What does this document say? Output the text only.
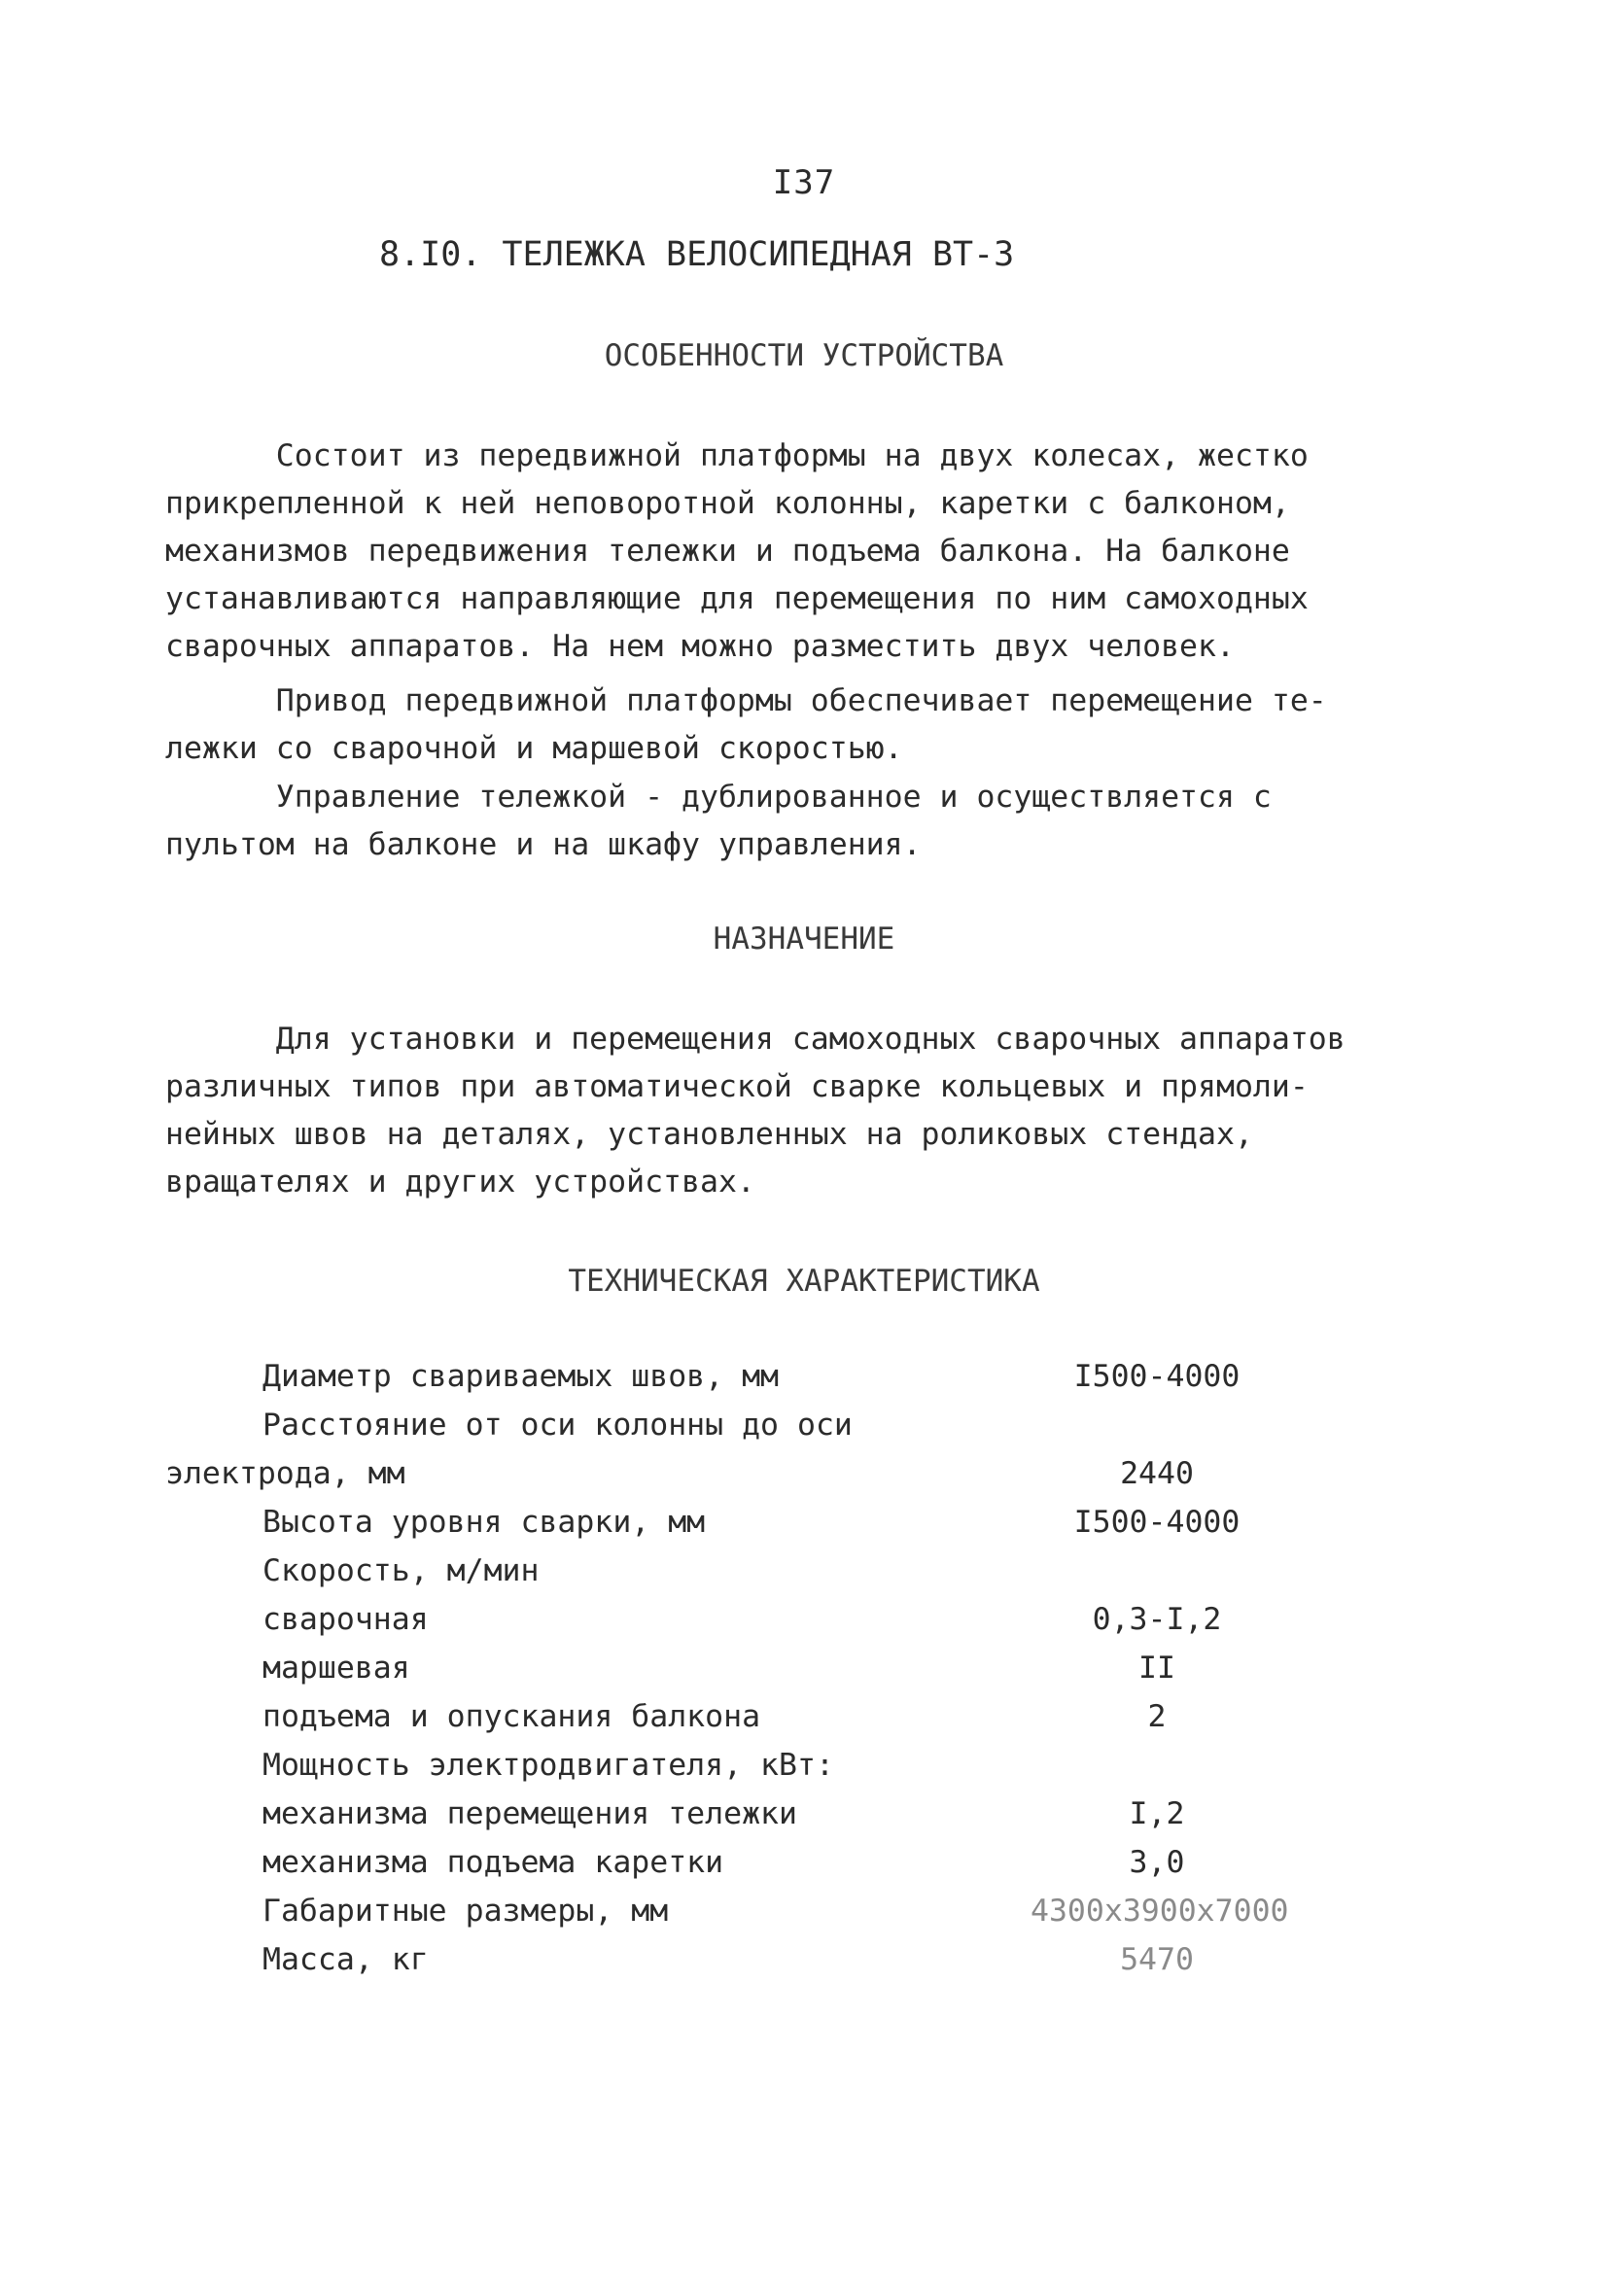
I37
8.I0. ТЕЛЕЖКА ВЕЛОСИПЕДНАЯ ВТ-3
ОСОБЕННОСТИ УСТРОЙСТВА
Состоит из передвижной платформы на двух колесах, жестко
прикрепленной к ней неповоротной колонны, каретки с балконом,
механизмов передвижения тележки и подъема балкона. На балконе
устанавливаются направляющие для перемещения по ним самоходных
сварочных аппаратов. На нем можно разместить двух человек.
Привод передвижной платформы обеспечивает перемещение те-
лежки со сварочной и маршевой скоростью.
Управление тележкой - дублированное и осуществляется с
пультом на балконе и на шкафу управления.
НАЗНАЧЕНИЕ
Для установки и перемещения самоходных сварочных аппаратов
различных типов при автоматической сварке кольцевых и прямоли-
нейных швов на деталях, установленных на роликовых стендах,
вращателях и других устройствах.
ТЕХНИЧЕСКАЯ ХАРАКТЕРИСТИКА
Диаметр свариваемых швов, мм	I500-4000
Расстояние от оси колонны до оси
электрода, мм	2440
Высота уровня сварки, мм	I500-4000
Скорость, м/мин
сварочная	0,3-I,2
маршевая	II
подъема и опускания балкона	2
Мощность электродвигателя, кВт:
механизма перемещения тележки	I,2
механизма подъема каретки	3,0
Габаритные размеры, мм	4300x3900x7000
Масса, кг	5470
